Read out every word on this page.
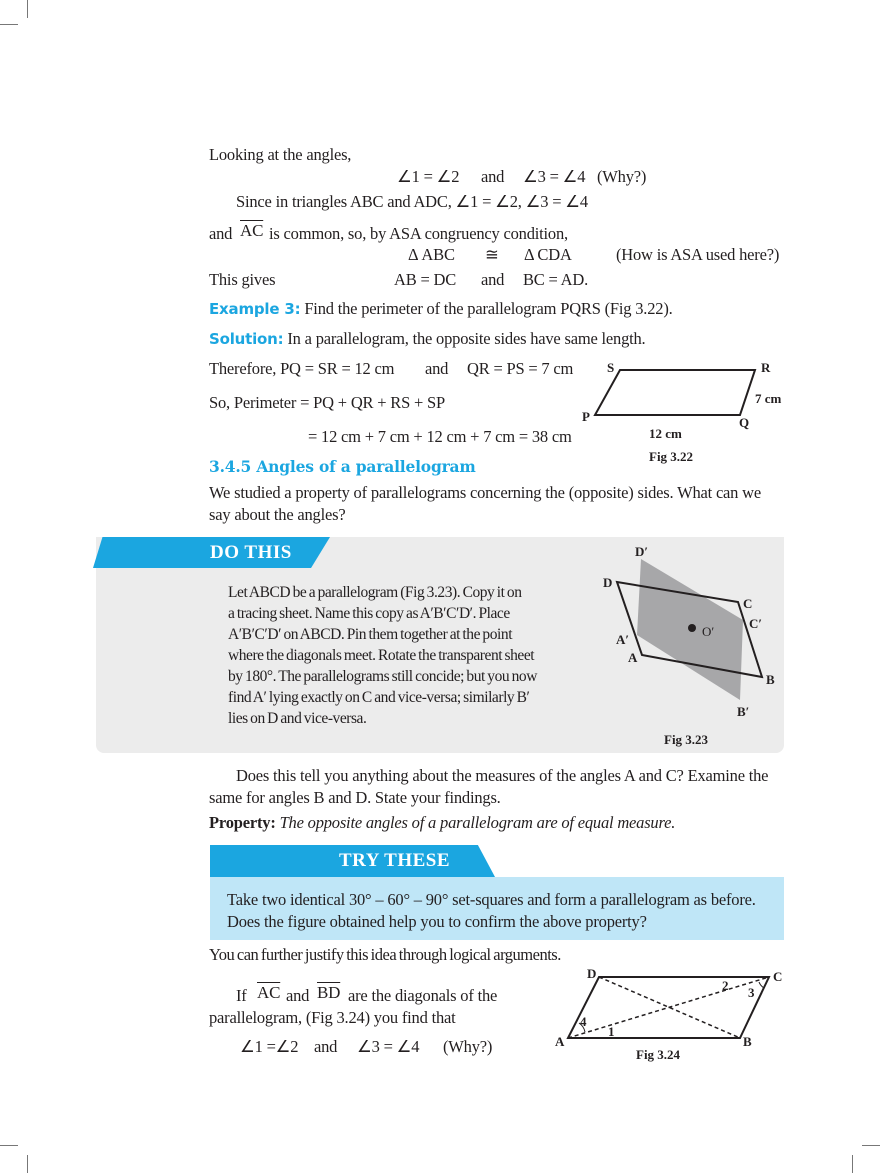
Looking at the angles,
∠1 = ∠2 and ∠3 = ∠4 (Why?)
Since in triangles ABC and ADC, ∠1 = ∠2, ∠3 = ∠4
and $\overline{AC}$ is common, so, by ASA congruency condition,
Δ ABC ≅ Δ CDA	(How is ASA used here?)
This gives	AB = DC and BC = AD.
Example 3: Find the perimeter of the parallelogram PQRS (Fig 3.22).
Solution: In a parallelogram, the opposite sides have same length.
Therefore, PQ = SR = 12 cm and QR = PS = 7 cm
So, Perimeter = PQ + QR + RS + SP
= 12 cm + 7 cm + 12 cm + 7 cm = 38 cm
S	R
P	Q
7 cm
12 cm
Fig 3.22
3.4.5 Angles of a parallelogram
We studied a property of parallelograms concerning the (opposite) sides. What can we
say about the angles?
DO THIS
Let ABCD be a parallelogram (Fig 3.23). Copy it on
a tracing sheet. Name this copy as A′B′C′D′. Place
A′B′C′D′ on ABCD. Pin them together at the point
where the diagonals meet. Rotate the transparent sheet
by 180°. The parallelograms still concide; but you now
find A′ lying exactly on C and vice-versa; similarly B′
lies on D and vice-versa.
D′
D
C
C′
O′
A′
A
B
B′
Fig 3.23
Does this tell you anything about the measures of the angles A and C? Examine the
same for angles B and D. State your findings.
Property: The opposite angles of a parallelogram are of equal measure.
TRY THESE
Take two identical 30° – 60° – 90° set-squares and form a parallelogram as before.
Does the figure obtained help you to confirm the above property?
You can further justify this idea through logical arguments.
If $\overline{AC}$ and $\overline{BD}$ are the diagonals of the
parallelogram, (Fig 3.24) you find that
∠1 =∠2 and ∠3 = ∠4 (Why?)
D	C
A	B
1
2 3
4
Fig 3.24
